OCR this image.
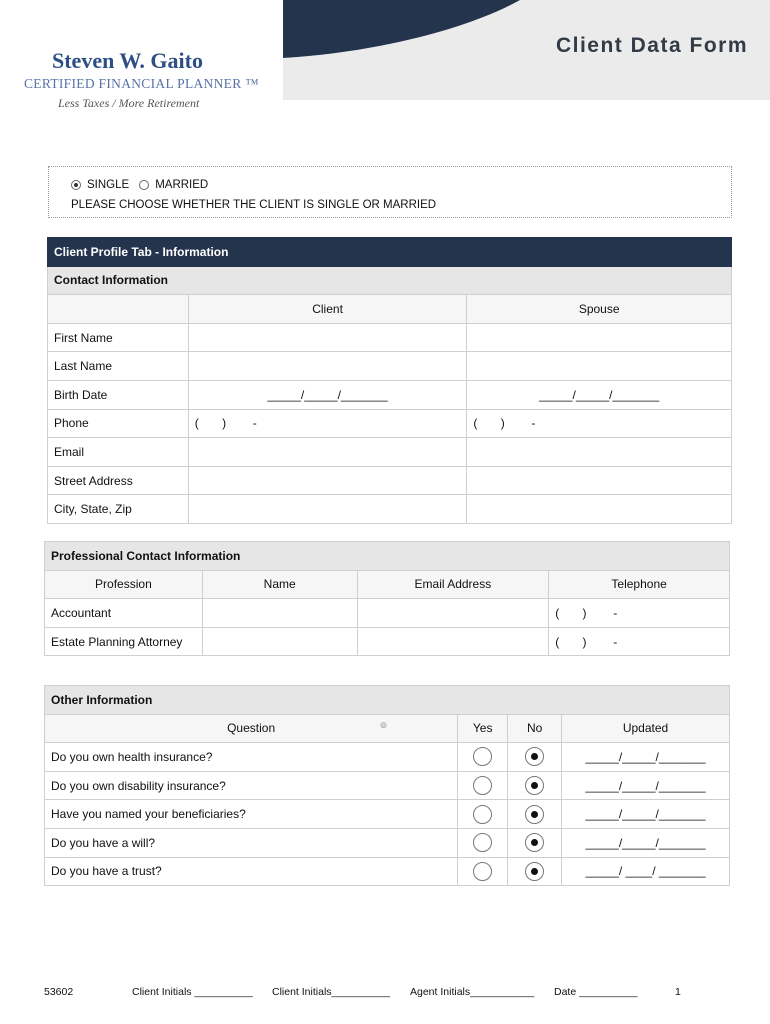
Client Data Form
Steven W. Gaito
CERTIFIED FINANCIAL PLANNER ™
Less Taxes / More Retirement
SINGLE MARRIED
PLEASE CHOOSE WHETHER THE CLIENT IS SINGLE OR MARRIED
Client Profile Tab - Information		
Contact Information		
	Client	Spouse
First Name		
Last Name		
Birth Date	_____/_____/_______	_____/_____/_______
Phone	(       )        -	(       )        -
Email		
Street Address		
City, State, Zip		
Professional Contact Information			
Profession	Name	Email Address	Telephone
Accountant			(       )        -
Estate Planning Attorney			(       )        -
Other Information			
Question ⊚	Yes	No	Updated
Do you own health insurance?			_____/_____/_______
Do you own disability insurance?			_____/_____/_______
Have you named your beneficiaries?			_____/_____/_______
Do you have a will?			_____/_____/_______
Do you have a trust?			_____/ ____/ _______
53602	Client Initials __________ Client Initials__________ Agent Initials___________ Date __________	1
